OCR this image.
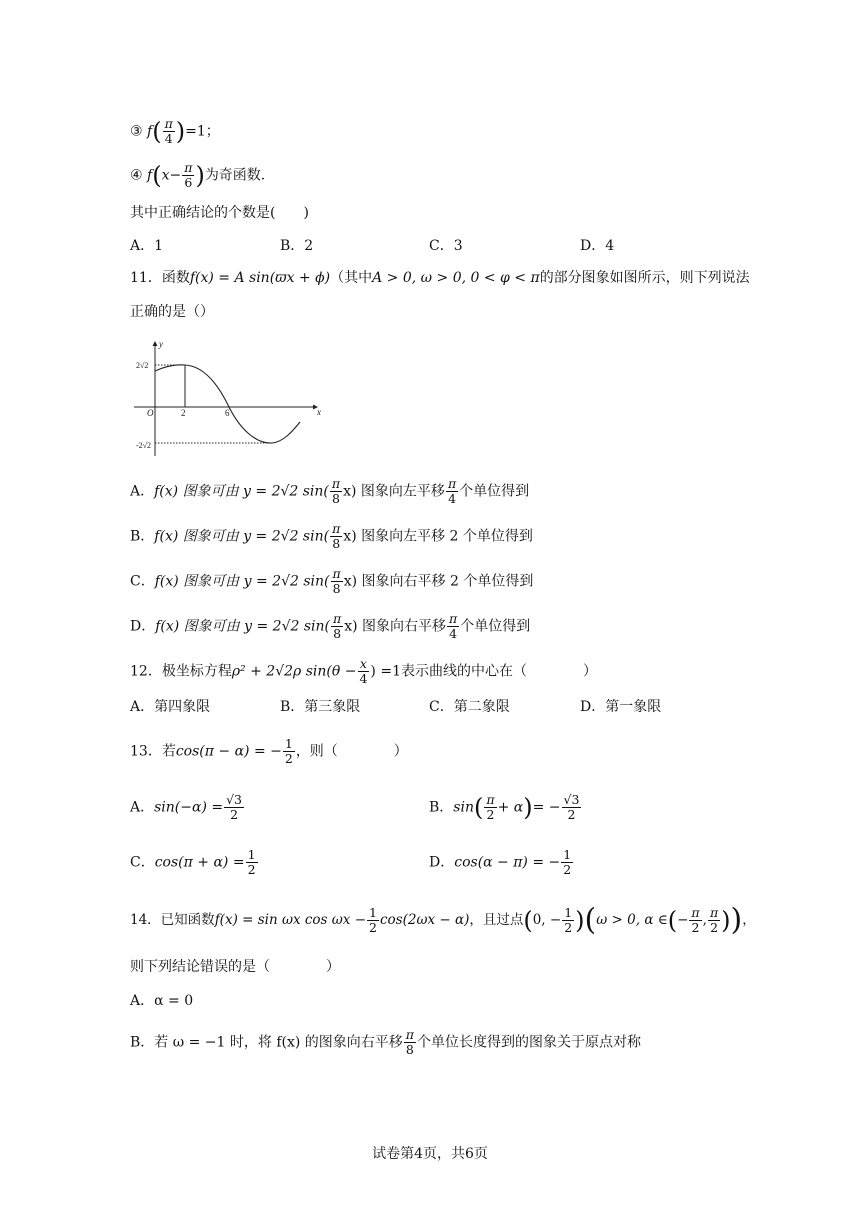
③ $f( \frac{\pi}{4} )=1$；
④ $f(x- \frac{\pi}{6}$ )为奇函数.
其中正确结论的个数是(　　)
A．1	B．2	C．3	D．4
11．函数f(x) = A sin(ϖx + ϕ)（其中A > 0, ω > 0, 0 < φ < π的部分图象如图所示，则下列说法
正确的是（）
y
x
O	2	6
2√2
-2√2
A．f(x) 图象可由 y = 2√2 $\sin( \frac{\pi}{8} x)$ 图象向左平移 $\frac{\pi}{4}$ 个单位得到
B．f(x) 图象可由 y = 2√2 $\sin( \frac{\pi}{8} x)$ 图象向左平移 2 个单位得到
C．f(x) 图象可由 y = 2√2 $\sin( \frac{\pi}{8} x)$ 图象向右平移 2 个单位得到
D．f(x) 图象可由 y = 2√2 $\sin( \frac{\pi}{8} x)$ 图象向右平移 $\frac{\pi}{4}$ 个单位得到
12．极坐标方程ρ² + 2√2ρ $\sin(\theta - \frac{x}{4}$ ) =1表示曲线的中心在（　　　　）
A．第四象限	B．第三象限	C．第二象限	D．第一象限
13．若cos(π − α) = − $\frac{1}{2}$ ，则（　　　　）
A．$\sin(-\alpha) = \frac{√3}{2}$	B．$\sin( \frac{\pi}{2} + \alpha)= - \frac{√3}{2}$
C．$\cos(\pi + \alpha) = \frac{1}{2}$	D．cos(α − π) = − $\frac{1}{2}$
14．已知函数f(x) = sin ωx $\cos \omega x - \frac{1}{2} \cos(2\omega x - \alpha)$，且过点(0, − $\frac{1}{2} )(\omega > 0$, α ∈(− $\frac{\pi}{2}$ , $\frac{\pi}{2}$ ))，
则下列结论错误的是（　　　　）
A．α = 0
B．若 ω = −1 时，将 f(x) 的图象向右平移 $\frac{\pi}{8}$ 个单位长度得到的图象关于原点对称
试卷第4页，共6页
